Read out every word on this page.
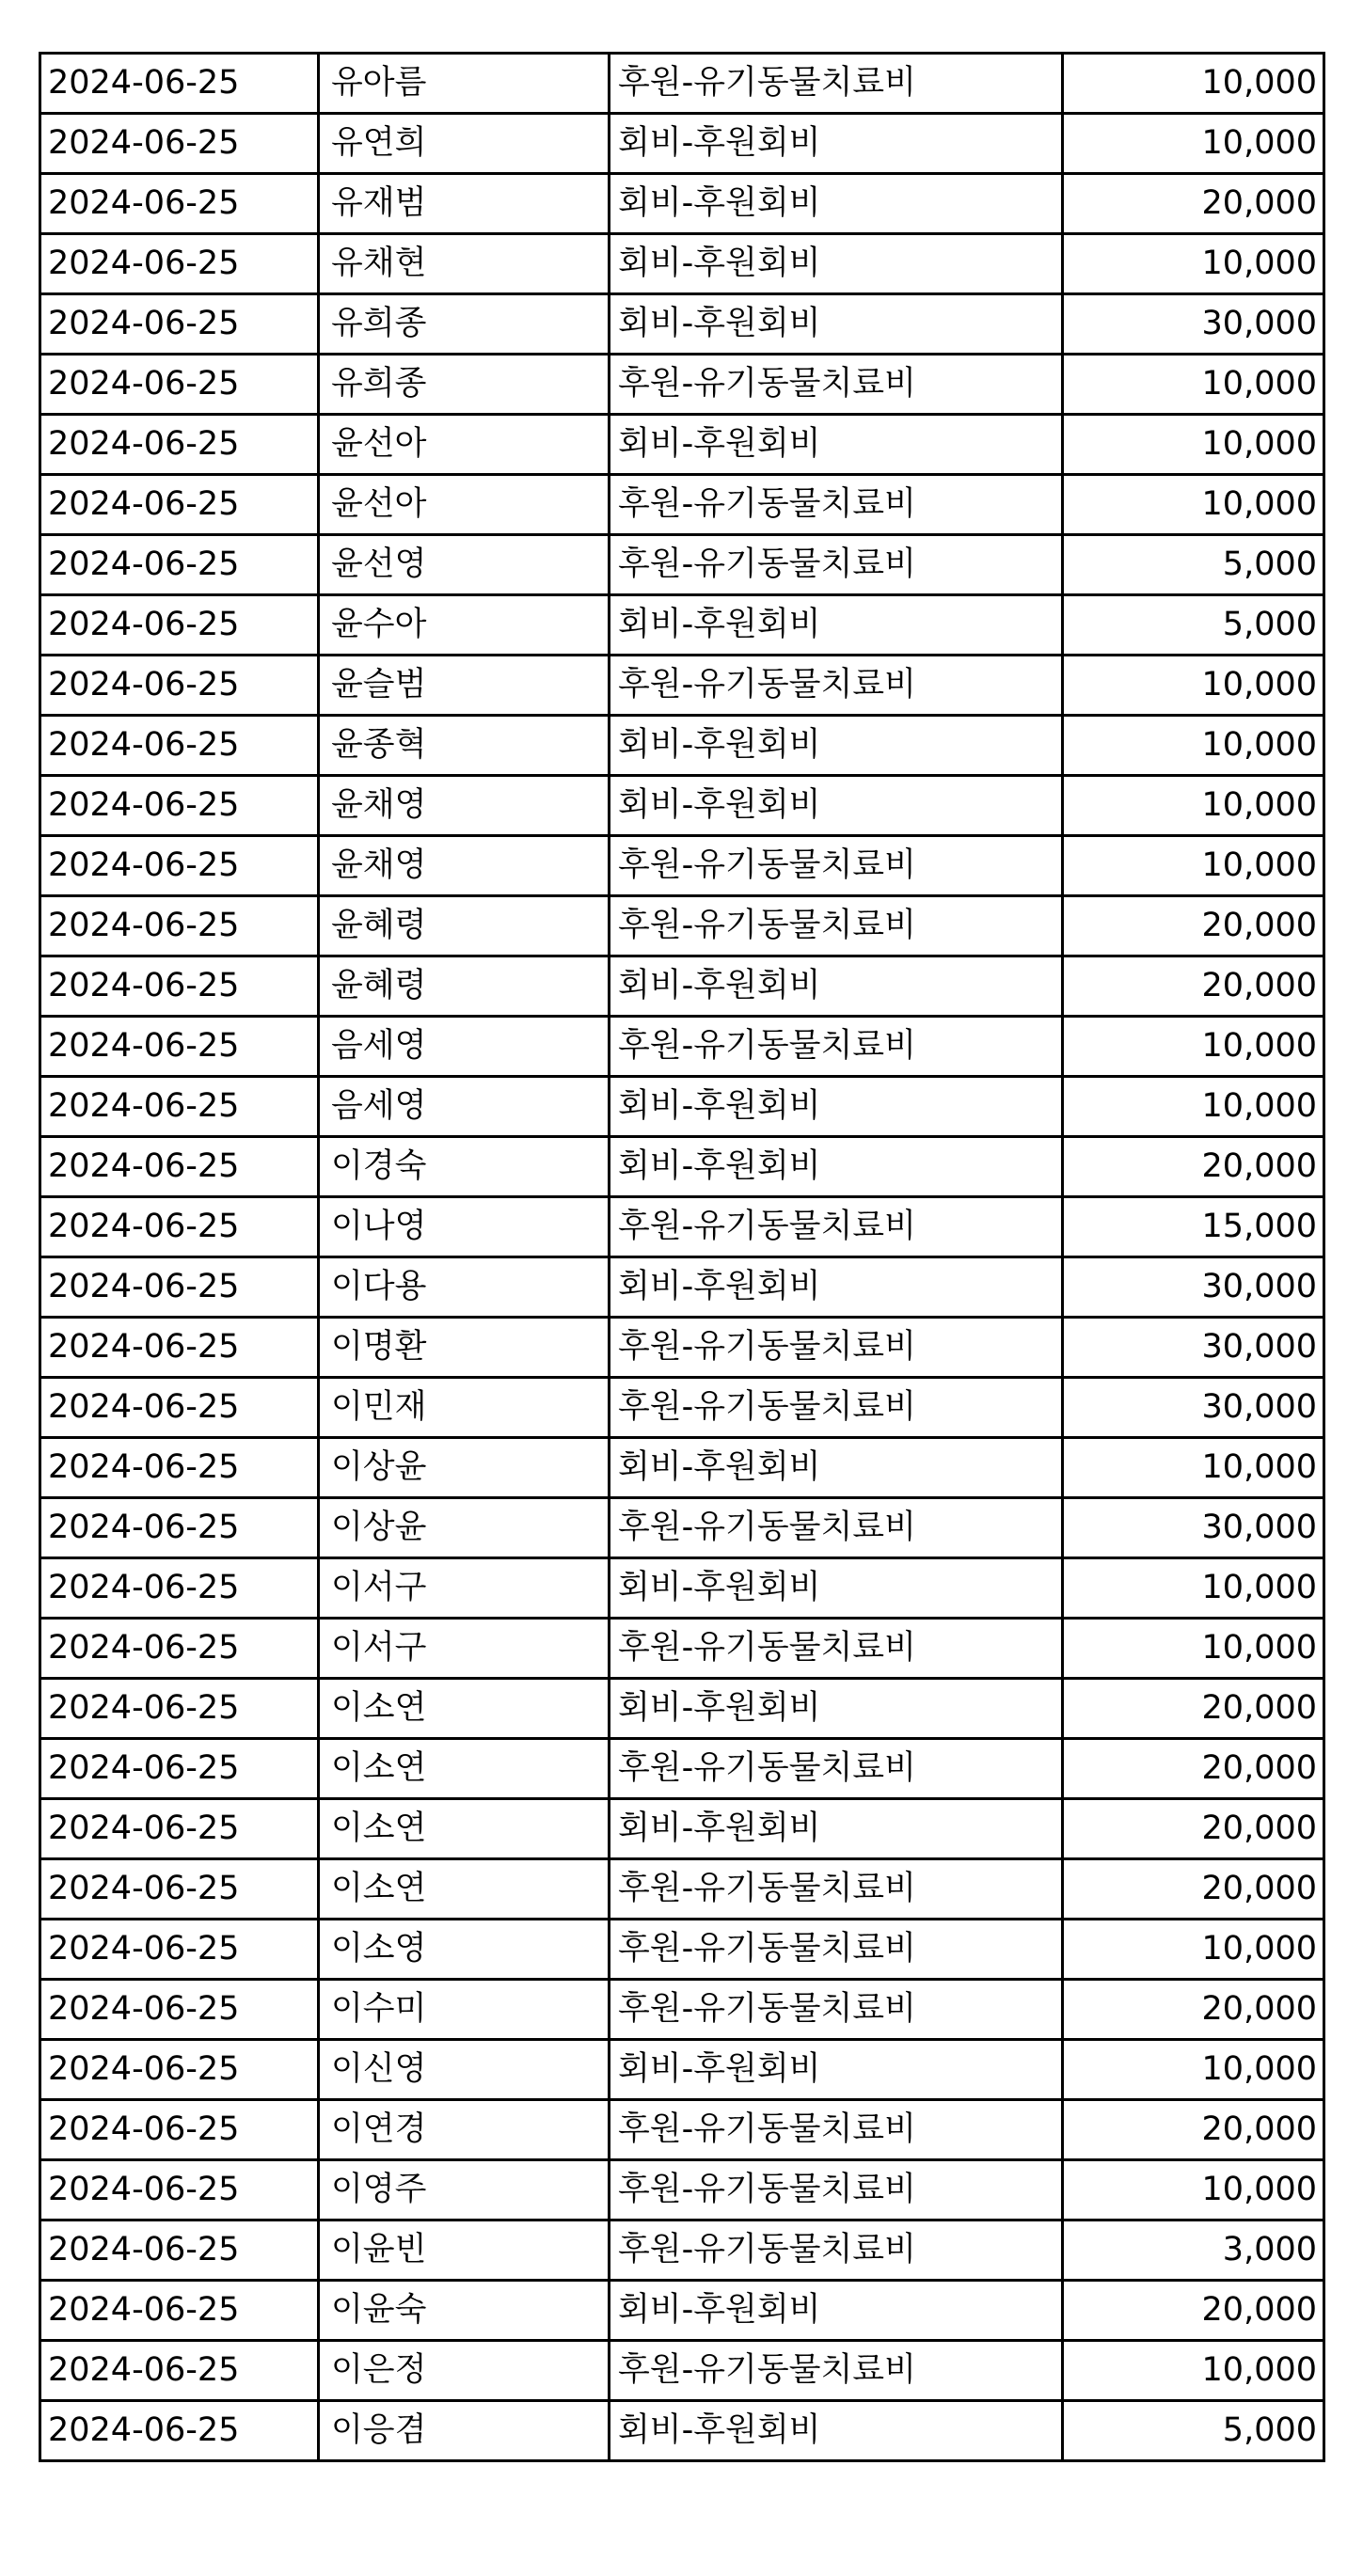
2024-06-25	유아름	후원-유기동물치료비	10,000
2024-06-25	유연희	회비-후원회비	10,000
2024-06-25	유재범	회비-후원회비	20,000
2024-06-25	유채현	회비-후원회비	10,000
2024-06-25	유희종	회비-후원회비	30,000
2024-06-25	유희종	후원-유기동물치료비	10,000
2024-06-25	윤선아	회비-후원회비	10,000
2024-06-25	윤선아	후원-유기동물치료비	10,000
2024-06-25	윤선영	후원-유기동물치료비	5,000
2024-06-25	윤수아	회비-후원회비	5,000
2024-06-25	윤슬범	후원-유기동물치료비	10,000
2024-06-25	윤종혁	회비-후원회비	10,000
2024-06-25	윤채영	회비-후원회비	10,000
2024-06-25	윤채영	후원-유기동물치료비	10,000
2024-06-25	윤혜령	후원-유기동물치료비	20,000
2024-06-25	윤혜령	회비-후원회비	20,000
2024-06-25	음세영	후원-유기동물치료비	10,000
2024-06-25	음세영	회비-후원회비	10,000
2024-06-25	이경숙	회비-후원회비	20,000
2024-06-25	이나영	후원-유기동물치료비	15,000
2024-06-25	이다용	회비-후원회비	30,000
2024-06-25	이명환	후원-유기동물치료비	30,000
2024-06-25	이민재	후원-유기동물치료비	30,000
2024-06-25	이상윤	회비-후원회비	10,000
2024-06-25	이상윤	후원-유기동물치료비	30,000
2024-06-25	이서구	회비-후원회비	10,000
2024-06-25	이서구	후원-유기동물치료비	10,000
2024-06-25	이소연	회비-후원회비	20,000
2024-06-25	이소연	후원-유기동물치료비	20,000
2024-06-25	이소연	회비-후원회비	20,000
2024-06-25	이소연	후원-유기동물치료비	20,000
2024-06-25	이소영	후원-유기동물치료비	10,000
2024-06-25	이수미	후원-유기동물치료비	20,000
2024-06-25	이신영	회비-후원회비	10,000
2024-06-25	이연경	후원-유기동물치료비	20,000
2024-06-25	이영주	후원-유기동물치료비	10,000
2024-06-25	이윤빈	후원-유기동물치료비	3,000
2024-06-25	이윤숙	회비-후원회비	20,000
2024-06-25	이은정	후원-유기동물치료비	10,000
2024-06-25	이응겸	회비-후원회비	5,000
